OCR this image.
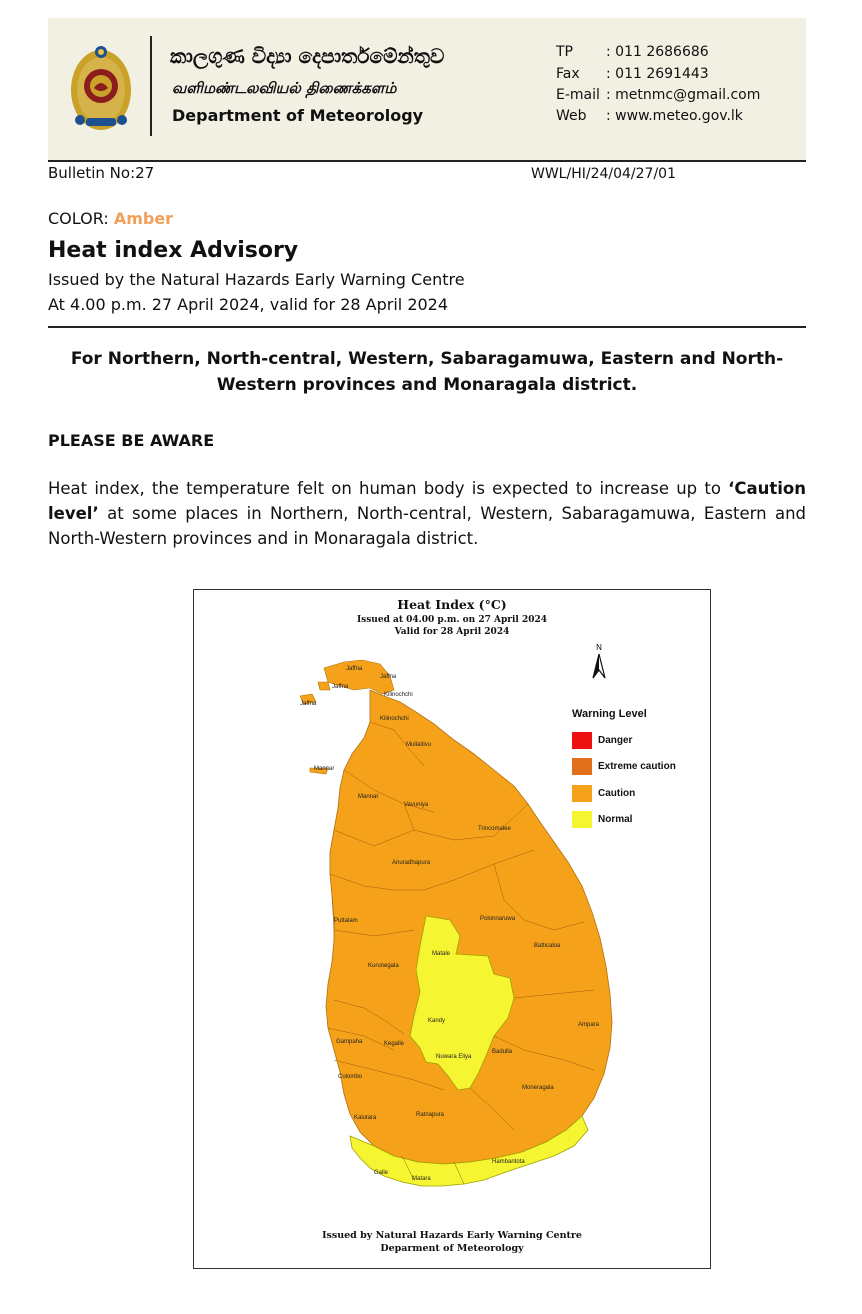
කාලගුණ විද්‍යා දෙපාර්තමේන්තුව
வளிமண்டலவியல் திணைக்களம்
Department of Meteorology
TP : 011 2686686
Fax : 011 2691443
E-mail : metnmc@gmail.com
Web : www.meteo.gov.lk
Bulletin No:27	WWL/HI/24/04/27/01
COLOR: Amber
Heat index Advisory
Issued by the Natural Hazards Early Warning Centre
At 4.00 p.m. 27 April 2024, valid for 28 April 2024
For Northern, North-central, Western, Sabaragamuwa, Eastern and North-Western provinces and Monaragala district.
PLEASE BE AWARE
Heat index, the temperature felt on human body is expected to increase up to ‘Caution level’ at some places in Northern, North-central, Western, Sabaragamuwa, Eastern and North-Western provinces and in Monaragala district.
Heat Index (°C)
Issued at 04.00 p.m. on 27 April 2024
Valid for 28 April 2024
N
Jaffna
Jaffna
Jaffna
Jaffna
Kilinochchi
Kilinochchi
Mullaitivu
Mannar
Mannar
Vavuniya
Trincomalee
Anuradhapura
Polonnaruwa
Puttalam
Batticaloa
Matale
Kurunegala
Kandy
Ampara
Gampaha	Kegalle
Nuwara Eliya
Badulla
Colombo
Moneragala
Kalutara	Ratnapura
Hambantota
Galle
Matara
Warning Level
Danger
Extreme caution
Caution
Normal
Issued by Natural Hazards Early Warning Centre
Deparment of Meteorology
